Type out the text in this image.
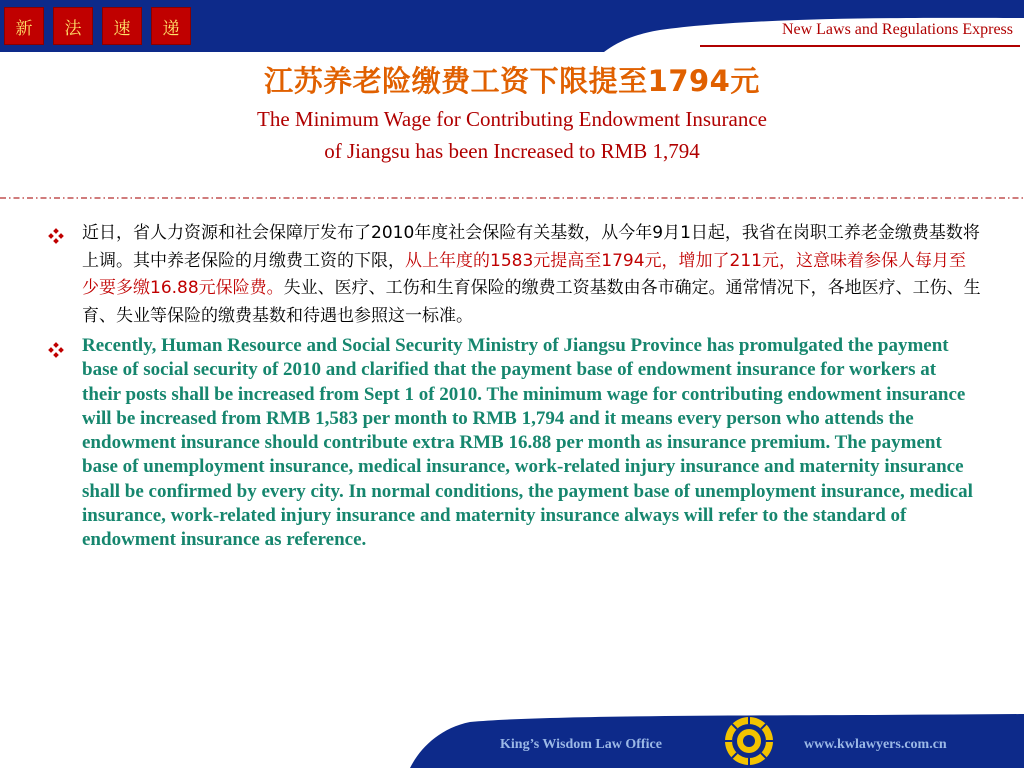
新	法	速	递	New Laws and Regulations Express
江苏养老险缴费工资下限提至1794元
The Minimum Wage for Contributing Endowment Insurance
of Jiangsu has been Increased to RMB 1,794
近日，省人力资源和社会保障厅发布了2010年度社会保险有关基数，从今年9月1日起，我省在岗职工养老金缴费基数将上调。其中养老保险的月缴费工资的下限，从上年度的1583元提高至1794元，增加了211元，这意味着参保人每月至少要多缴16.88元保险费。失业、医疗、工伤和生育保险的缴费工资基数由各市确定。通常情况下，各地医疗、工伤、生育、失业等保险的缴费基数和待遇也参照这一标准。
Recently, Human Resource and Social Security Ministry of Jiangsu Province has promulgated the payment base of social security of 2010 and clarified that the payment base of endowment insurance for workers at their posts shall be increased from Sept 1 of 2010. The minimum wage for contributing endowment insurance will be increased from RMB 1,583 per month to RMB 1,794 and it means every person who attends the endowment insurance should contribute extra RMB 16.88 per month as insurance premium. The payment base of unemployment insurance, medical insurance, work-related injury insurance and maternity insurance shall be confirmed by every city. In normal conditions, the payment base of unemployment insurance, medical insurance, work-related injury insurance and maternity insurance always will refer to the standard of endowment insurance as reference.
King’s Wisdom Law Office	www.kwlawyers.com.cn
